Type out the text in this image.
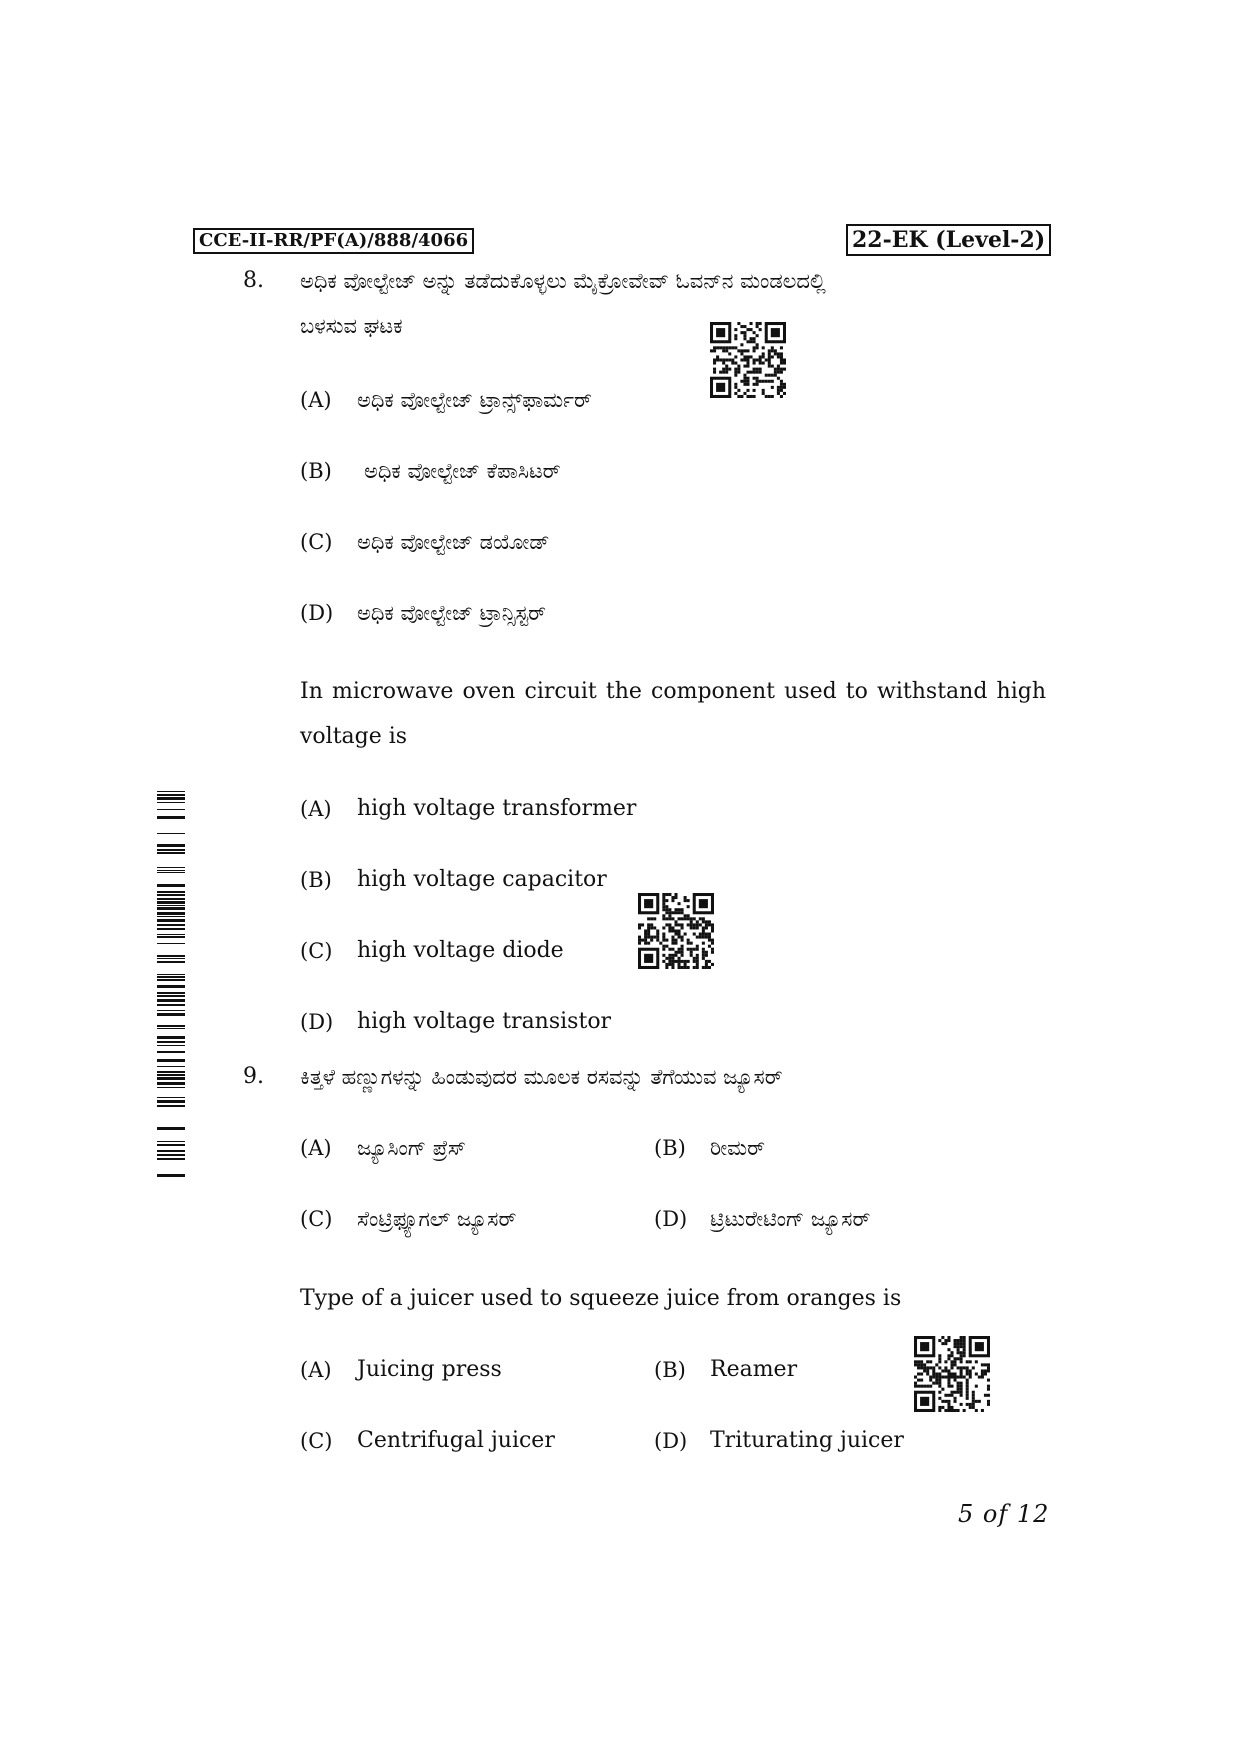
CCE-II-RR/PF(A)/888/4066	22-EK (Level-2)
8. ಅಧಿಕ ವೋಲ್ಟೇಜ್ ಅನ್ನು ತಡೆದುಕೊಳ್ಳಲು ಮೈಕ್ರೋವೇವ್ ಓವನ್‌ನ ಮಂಡಲದಲ್ಲಿ
ಬಳಸುವ ಘಟಕ
(A) ಅಧಿಕ ವೋಲ್ಟೇಜ್ ಟ್ರಾನ್ಸ್‌ಫಾರ್ಮರ್
(B) ಅಧಿಕ ವೋಲ್ಟೇಜ್ ಕೆಪಾಸಿಟರ್
(C) ಅಧಿಕ ವೋಲ್ಟೇಜ್ ಡಯೋಡ್
(D) ಅಧಿಕ ವೋಲ್ಟೇಜ್ ಟ್ರಾನ್ಸಿಸ್ಟರ್
In microwave oven circuit the component used to withstand high
voltage is
(A) high voltage transformer
(B) high voltage capacitor
(C) high voltage diode
(D) high voltage transistor
9. ಕಿತ್ತಳೆ ಹಣ್ಣುಗಳನ್ನು ಹಿಂಡುವುದರ ಮೂಲಕ ರಸವನ್ನು ತೆಗೆಯುವ ಜ್ಯೂಸರ್
(A) ಜ್ಯೂಸಿಂಗ್ ಪ್ರೆಸ್	(B) ರೀಮರ್
(C) ಸೆಂಟ್ರಿಫ್ಯೂಗಲ್ ಜ್ಯೂಸರ್	(D) ಟ್ರಿಟುರೇಟಿಂಗ್ ಜ್ಯೂಸರ್
Type of a juicer used to squeeze juice from oranges is
(A) Juicing press	(B) Reamer
(C) Centrifugal juicer	(D) Triturating juicer
5 of 12
